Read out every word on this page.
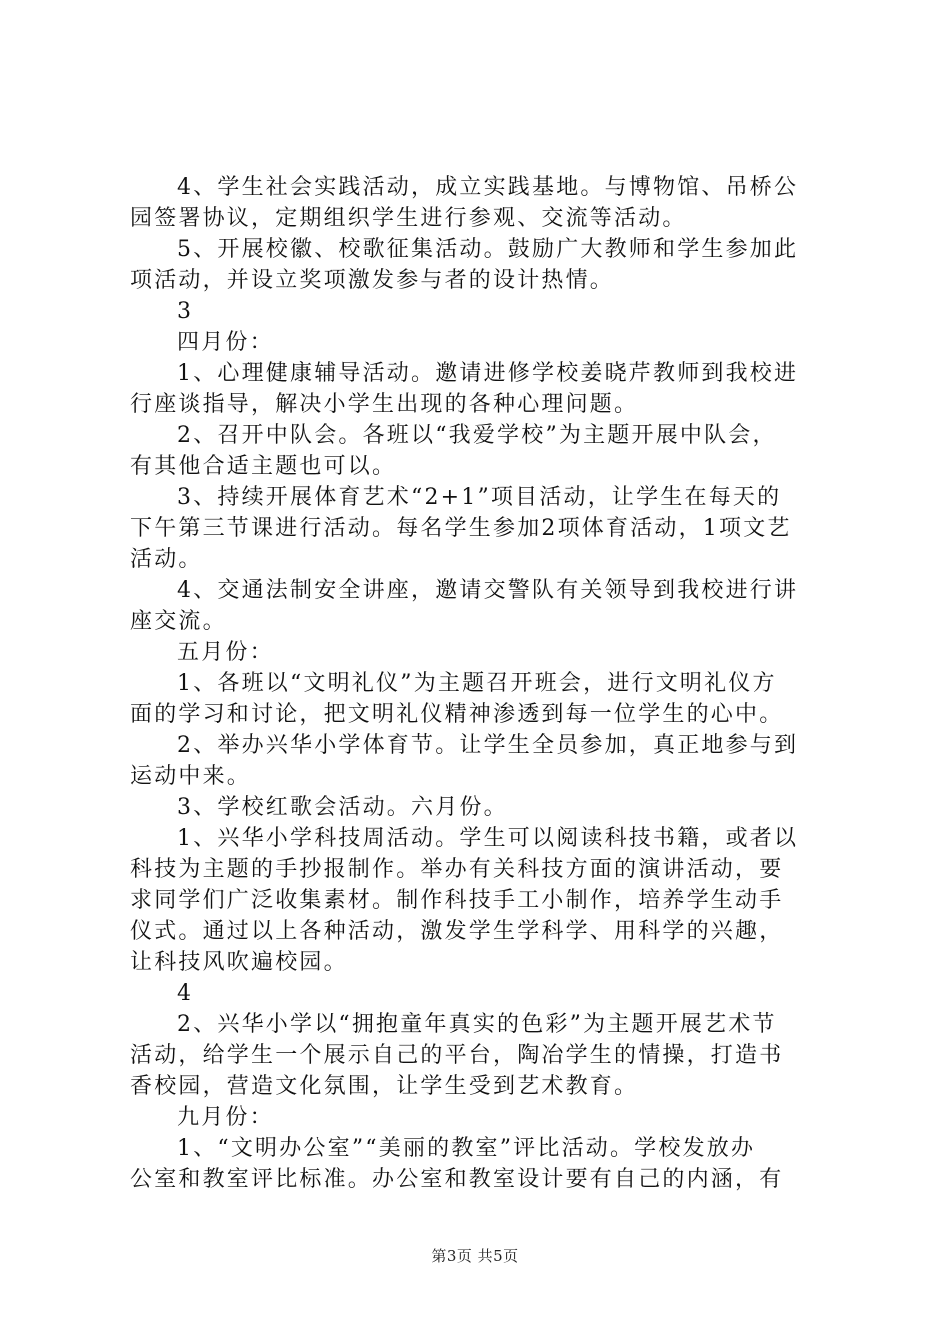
4、学生社会实践活动，成立实践基地。与博物馆、吊桥公
园签署协议，定期组织学生进行参观、交流等活动。
5、开展校徽、校歌征集活动。鼓励广大教师和学生参加此
项活动，并设立奖项激发参与者的设计热情。
3
四月份：
1、心理健康辅导活动。邀请进修学校姜晓芹教师到我校进
行座谈指导，解决小学生出现的各种心理问题。
2、召开中队会。各班以“我爱学校”为主题开展中队会，
有其他合适主题也可以。
3、持续开展体育艺术“2+1”项目活动，让学生在每天的
下午第三节课进行活动。每名学生参加2项体育活动，1项文艺
活动。
4、交通法制安全讲座，邀请交警队有关领导到我校进行讲
座交流。
五月份：
1、各班以“文明礼仪”为主题召开班会，进行文明礼仪方
面的学习和讨论，把文明礼仪精神渗透到每一位学生的心中。
2、举办兴华小学体育节。让学生全员参加，真正地参与到
运动中来。
3、学校红歌会活动。六月份。
1、兴华小学科技周活动。学生可以阅读科技书籍，或者以
科技为主题的手抄报制作。举办有关科技方面的演讲活动，要
求同学们广泛收集素材。制作科技手工小制作，培养学生动手
仪式。通过以上各种活动，激发学生学科学、用科学的兴趣，
让科技风吹遍校园。
4
2、兴华小学以“拥抱童年真实的色彩”为主题开展艺术节
活动，给学生一个展示自己的平台，陶冶学生的情操，打造书
香校园，营造文化氛围，让学生受到艺术教育。
九月份：
1、“文明办公室”“美丽的教室”评比活动。学校发放办
公室和教室评比标准。办公室和教室设计要有自己的内涵，有
第3页 共5页
